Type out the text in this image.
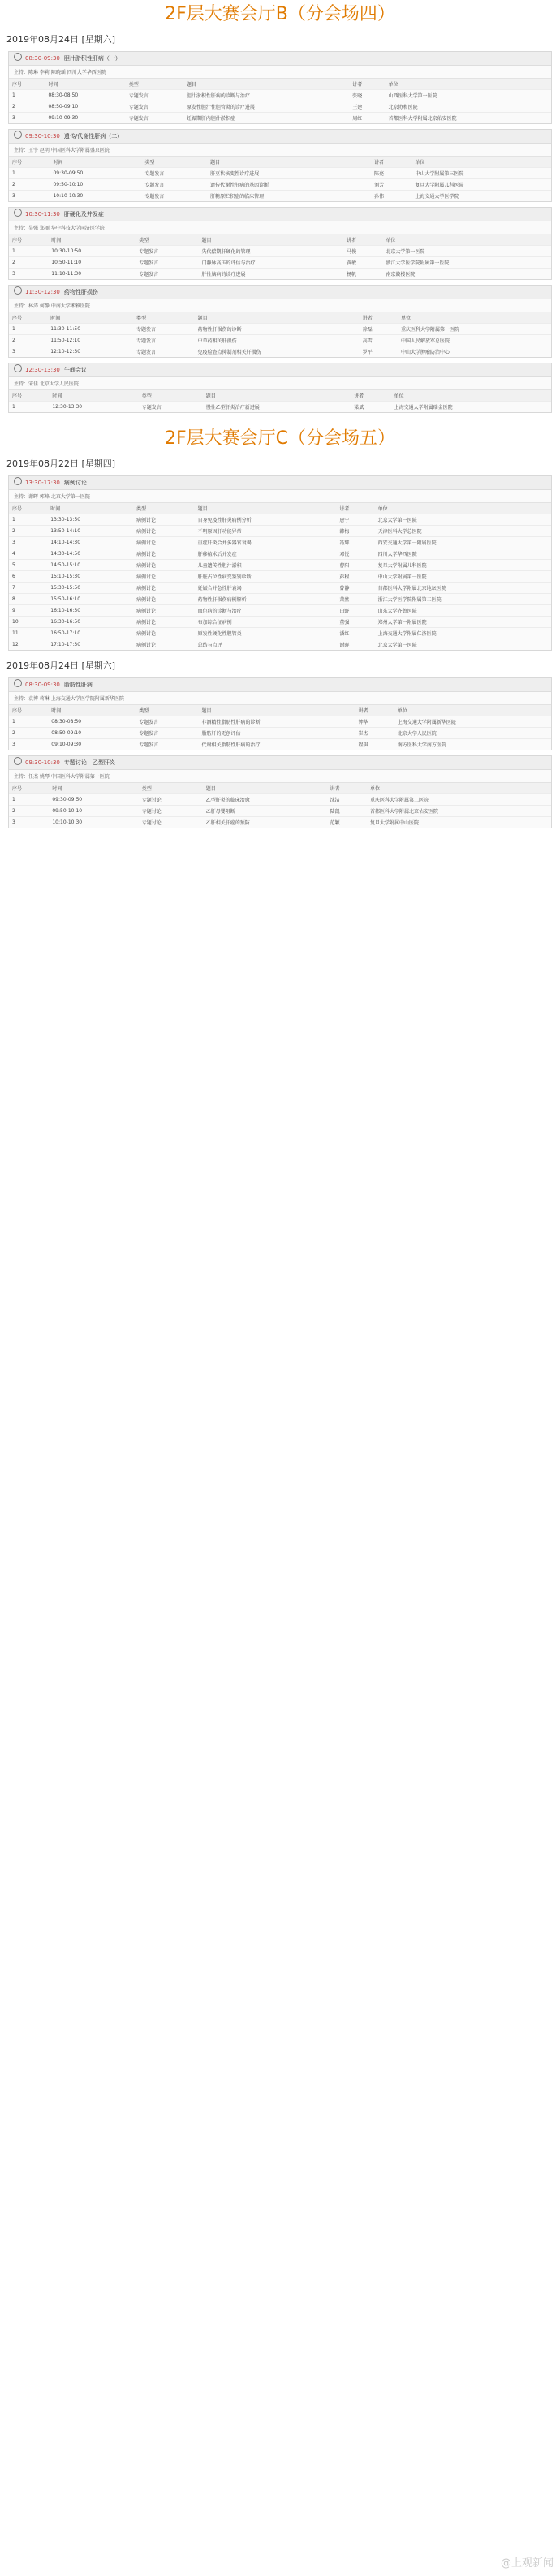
2F层大赛会厅B（分会场四）
2019年08月24日 [星期六]
08:30-09:30 胆汁淤积性肝病（一）
主持：陈琳 李莉 陈晓瑶 四川大学华西医院
序号	时间	类型	题目	讲者	单位
1	08:30-08:50	专题发言	胆汁淤积性肝病的诊断与治疗	张晓	山西医科大学第一医院
2	08:50-09:10	专题发言	原发性胆汁性胆管炎的诊疗进展	王建	北京协和医院
3	09:10-09:30	专题发言	妊娠期肝内胆汁淤积症	周红	首都医科大学附属北京佑安医院
09:30-10:30 遗传/代谢性肝病（二）
主持：王宇 赵明 中国医科大学附属盛京医院
序号	时间	类型	题目	讲者	单位
1	09:30-09:50	专题发言	肝豆状核变性诊疗进展	陈亮	中山大学附属第三医院
2	09:50-10:10	专题发言	遗传代谢性肝病的基因诊断	刘芳	复旦大学附属儿科医院
3	10:10-10:30	专题发言	肝糖原贮积症的临床管理	孙伟	上海交通大学医学院
10:30-11:30 肝硬化及并发症
主持：吴强 郑丽 华中科技大学同济医学院
序号	时间	类型	题目	讲者	单位
1	10:30-10:50	专题发言	失代偿期肝硬化的管理	马俊	北京大学第一医院
2	10:50-11:10	专题发言	门静脉高压的评估与治疗	黄敏	浙江大学医学院附属第一医院
3	11:10-11:30	专题发言	肝性脑病的诊疗进展	杨帆	南京鼓楼医院
11:30-12:30 药物性肝损伤
主持：林涛 何静 中南大学湘雅医院
序号	时间	类型	题目	讲者	单位
1	11:30-11:50	专题发言	药物性肝损伤的诊断	徐磊	重庆医科大学附属第一医院
2	11:50-12:10	专题发言	中草药相关肝损伤	高雪	中国人民解放军总医院
3	12:10-12:30	专题发言	免疫检查点抑制剂相关肝损伤	罗平	中山大学肿瘤防治中心
12:30-13:30 午间会议
主持：宋佳 北京大学人民医院
序号	时间	类型	题目	讲者	单位
1	12:30-13:30	专题发言	慢性乙型肝炎治疗新进展	梁斌	上海交通大学附属瑞金医院
2F层大赛会厅C（分会场五）
2019年08月22日 [星期四]
13:30-17:30 病例讨论
主持：谢晖 郭峰 北京大学第一医院
序号	时间	类型	题目	讲者	单位
1	13:30-13:50	病例讨论	自身免疫性肝炎病例分析	唐宁	北京大学第一医院
2	13:50-14:10	病例讨论	不明原因肝功能异常	韩梅	天津医科大学总医院
3	14:10-14:30	病例讨论	重症肝炎合并多器官衰竭	冯辉	西安交通大学第一附属医院
4	14:30-14:50	病例讨论	肝移植术后并发症	邓悦	四川大学华西医院
5	14:50-15:10	病例讨论	儿童遗传性胆汁淤积	曹阳	复旦大学附属儿科医院
6	15:10-15:30	病例讨论	肝脏占位性病变鉴别诊断	彭程	中山大学附属第一医院
7	15:30-15:50	病例讨论	妊娠合并急性肝衰竭	曾静	首都医科大学附属北京地坛医院
8	15:50-16:10	病例讨论	药物性肝损伤病例解析	萧然	浙江大学医学院附属第二医院
9	16:10-16:30	病例讨论	血色病的诊断与治疗	田野	山东大学齐鲁医院
10	16:30-16:50	病例讨论	布加综合征病例	董强	郑州大学第一附属医院
11	16:50-17:10	病例讨论	原发性硬化性胆管炎	潘红	上海交通大学附属仁济医院
12	17:10-17:30	病例讨论	总结与点评	谢晖	北京大学第一医院
2019年08月24日 [星期六]
08:30-09:30 脂肪性肝病
主持：袁博 蒋琳 上海交通大学医学院附属新华医院
序号	时间	类型	题目	讲者	单位
1	08:30-08:50	专题发言	非酒精性脂肪性肝病的诊断	钟华	上海交通大学附属新华医院
2	08:50-09:10	专题发言	脂肪肝的无创评估	崔杰	北京大学人民医院
3	09:10-09:30	专题发言	代谢相关脂肪性肝病的治疗	程琪	南方医科大学南方医院
09:30-10:30 专题讨论：乙型肝炎
主持：任杰 姚琴 中国医科大学附属第一医院
序号	时间	类型	题目	讲者	单位
1	09:30-09:50	专题讨论	乙型肝炎的临床治愈	沈洁	重庆医科大学附属第二医院
2	09:50-10:10	专题讨论	乙肝母婴阻断	陆凯	首都医科大学附属北京佑安医院
3	10:10-10:30	专题讨论	乙肝相关肝癌的预防	范颖	复旦大学附属中山医院
@上观新闻
